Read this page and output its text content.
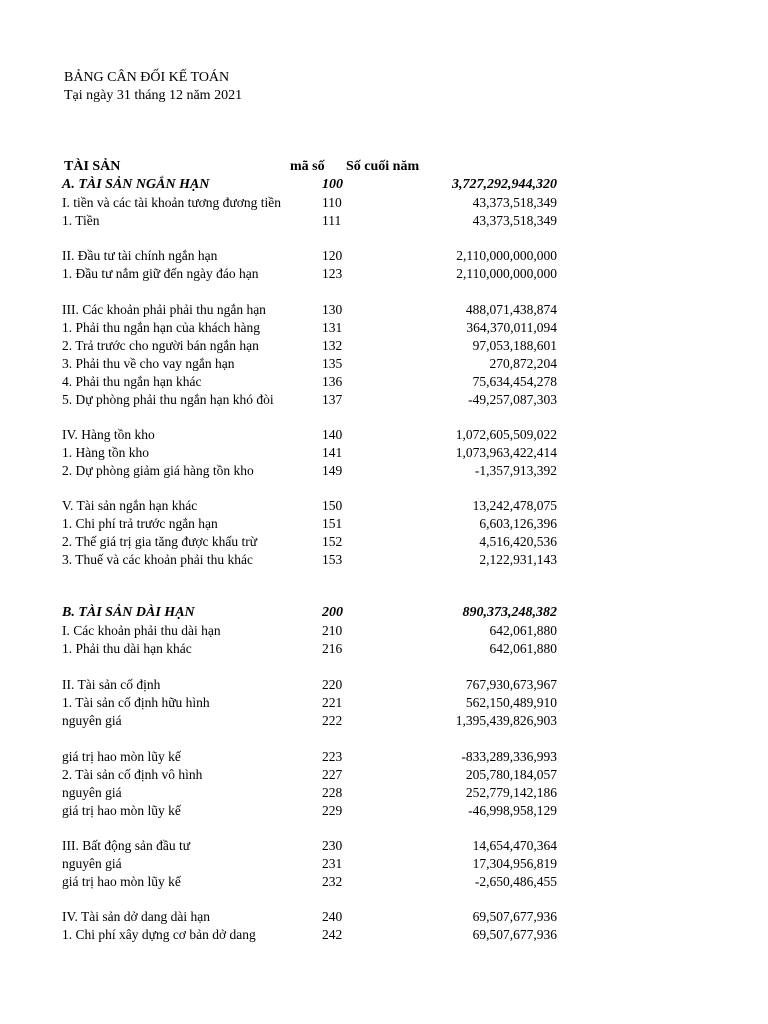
BẢNG CÂN ĐỐI KẾ TOÁN
Tại ngày 31 tháng 12 năm 2021
TÀI SẢN	mã số Số cuối năm
A. TÀI SẢN NGẮN HẠN	100	3,727,292,944,320
I. tiền và các tài khoản tương đương tiền	110	43,373,518,349
1. Tiền	111	43,373,518,349
II. Đầu tư tài chính ngắn hạn	120	2,110,000,000,000
1. Đầu tư nắm giữ đến ngày đáo hạn	123	2,110,000,000,000
III. Các khoản phải phải thu ngắn hạn	130	488,071,438,874
1. Phải thu ngắn hạn của khách hàng	131	364,370,011,094
2. Trả trước cho người bán ngắn hạn	132	97,053,188,601
3. Phải thu về cho vay ngắn hạn	135	270,872,204
4. Phải thu ngắn hạn khác	136	75,634,454,278
5. Dự phòng phải thu ngắn hạn khó đòi	137	-49,257,087,303
IV. Hàng tồn kho	140	1,072,605,509,022
1. Hàng tồn kho	141	1,073,963,422,414
2. Dự phòng giảm giá hàng tồn kho	149	-1,357,913,392
V. Tài sản ngắn hạn khác	150	13,242,478,075
1. Chi phí trả trước ngắn hạn	151	6,603,126,396
2. Thế giá trị gia tăng được khấu trừ	152	4,516,420,536
3. Thuế và các khoản phải thu khác	153	2,122,931,143
B. TÀI SẢN DÀI HẠN	200	890,373,248,382
I. Các khoản phải thu dài hạn	210	642,061,880
1. Phải thu dài hạn khác	216	642,061,880
II. Tài sản cố định	220	767,930,673,967
1. Tài sản cố định hữu hình	221	562,150,489,910
nguyên giá	222	1,395,439,826,903
giá trị hao mòn lũy kế	223	-833,289,336,993
2. Tài sản cố định vô hình	227	205,780,184,057
nguyên giá	228	252,779,142,186
giá trị hao mòn lũy kế	229	-46,998,958,129
III. Bất động sản đầu tư	230	14,654,470,364
nguyên giá	231	17,304,956,819
giá trị hao mòn lũy kế	232	-2,650,486,455
IV. Tài sản dở dang dài hạn	240	69,507,677,936
1. Chi phí xây dựng cơ bản dở dang	242	69,507,677,936
